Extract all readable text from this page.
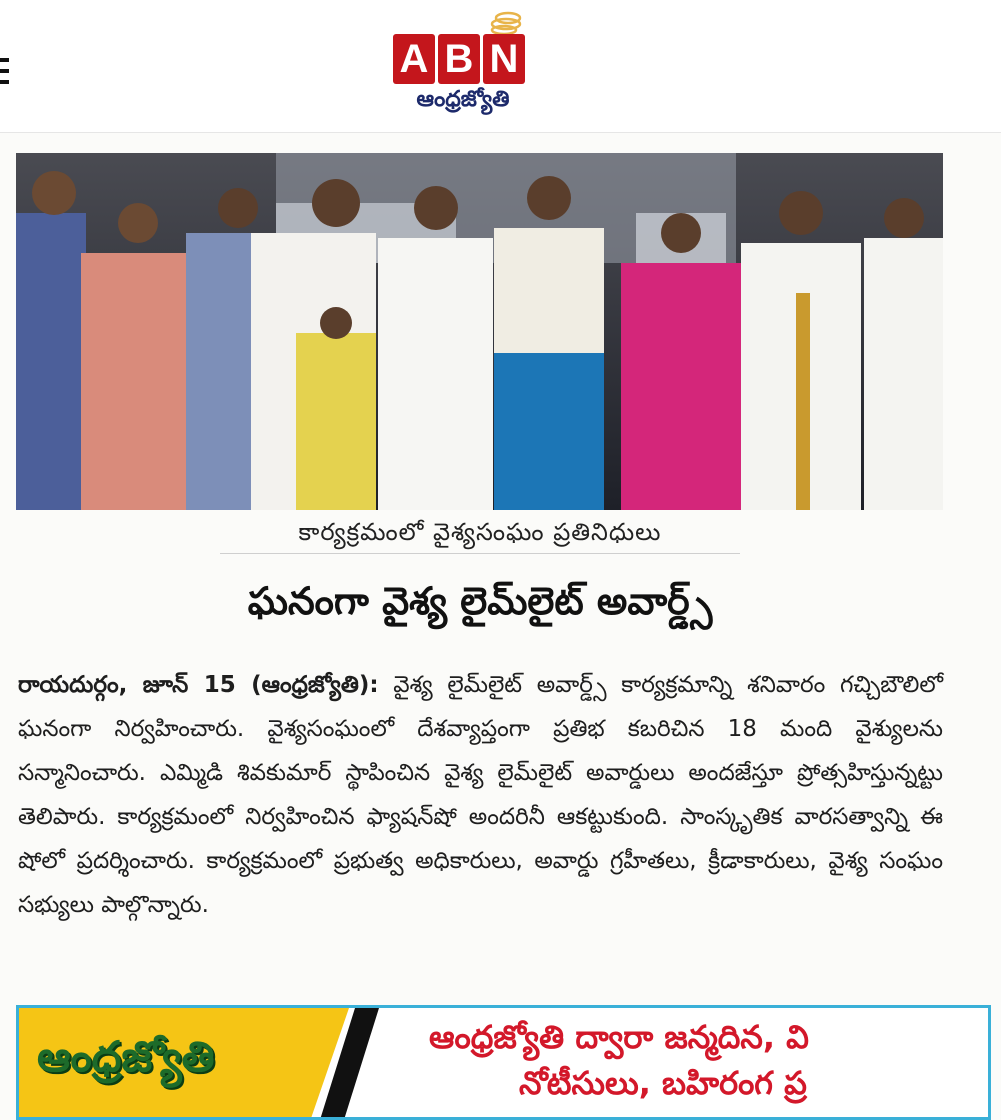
A B N
ఆంధ్రజ్యోతి
కార్యక్రమంలో వైశ్యసంఘం ప్రతినిధులు
ఘనంగా వైశ్య లైమ్‌లైట్ అవార్డ్స్
రాయదుర్గం, జూన్ 15 (ఆంధ్రజ్యోతి): వైశ్య లైమ్‌లైట్ అవార్డ్స్ కార్యక్రమాన్ని శనివారం గచ్చిబౌలిలో ఘనంగా నిర్వహించారు. వైశ్యసంఘంలో దేశవ్యాప్తంగా ప్రతిభ కబరిచిన 18 మంది వైశ్యులను సన్మానించారు. ఎమ్మిడి శివకుమార్ స్థాపించిన వైశ్య లైమ్‌లైట్ అవార్డులు అందజేస్తూ ప్రోత్సహిస్తున్నట్టు తెలిపారు. కార్యక్రమంలో నిర్వహించిన ఫ్యాషన్‌షో అందరినీ ఆకట్టుకుంది. సాంస్కృతిక వారసత్వాన్ని ఈ షోలో ప్రదర్శించారు. కార్యక్రమంలో ప్రభుత్వ అధికారులు, అవార్డు గ్రహీతలు, క్రీడాకారులు, వైశ్య సంఘం సభ్యులు పాల్గొన్నారు.
ఆంధ్రజ్యోతి	ఆంధ్రజ్యోతి ద్వారా జన్మదిన, వి
నోటీసులు, బహిరంగ ప్ర
